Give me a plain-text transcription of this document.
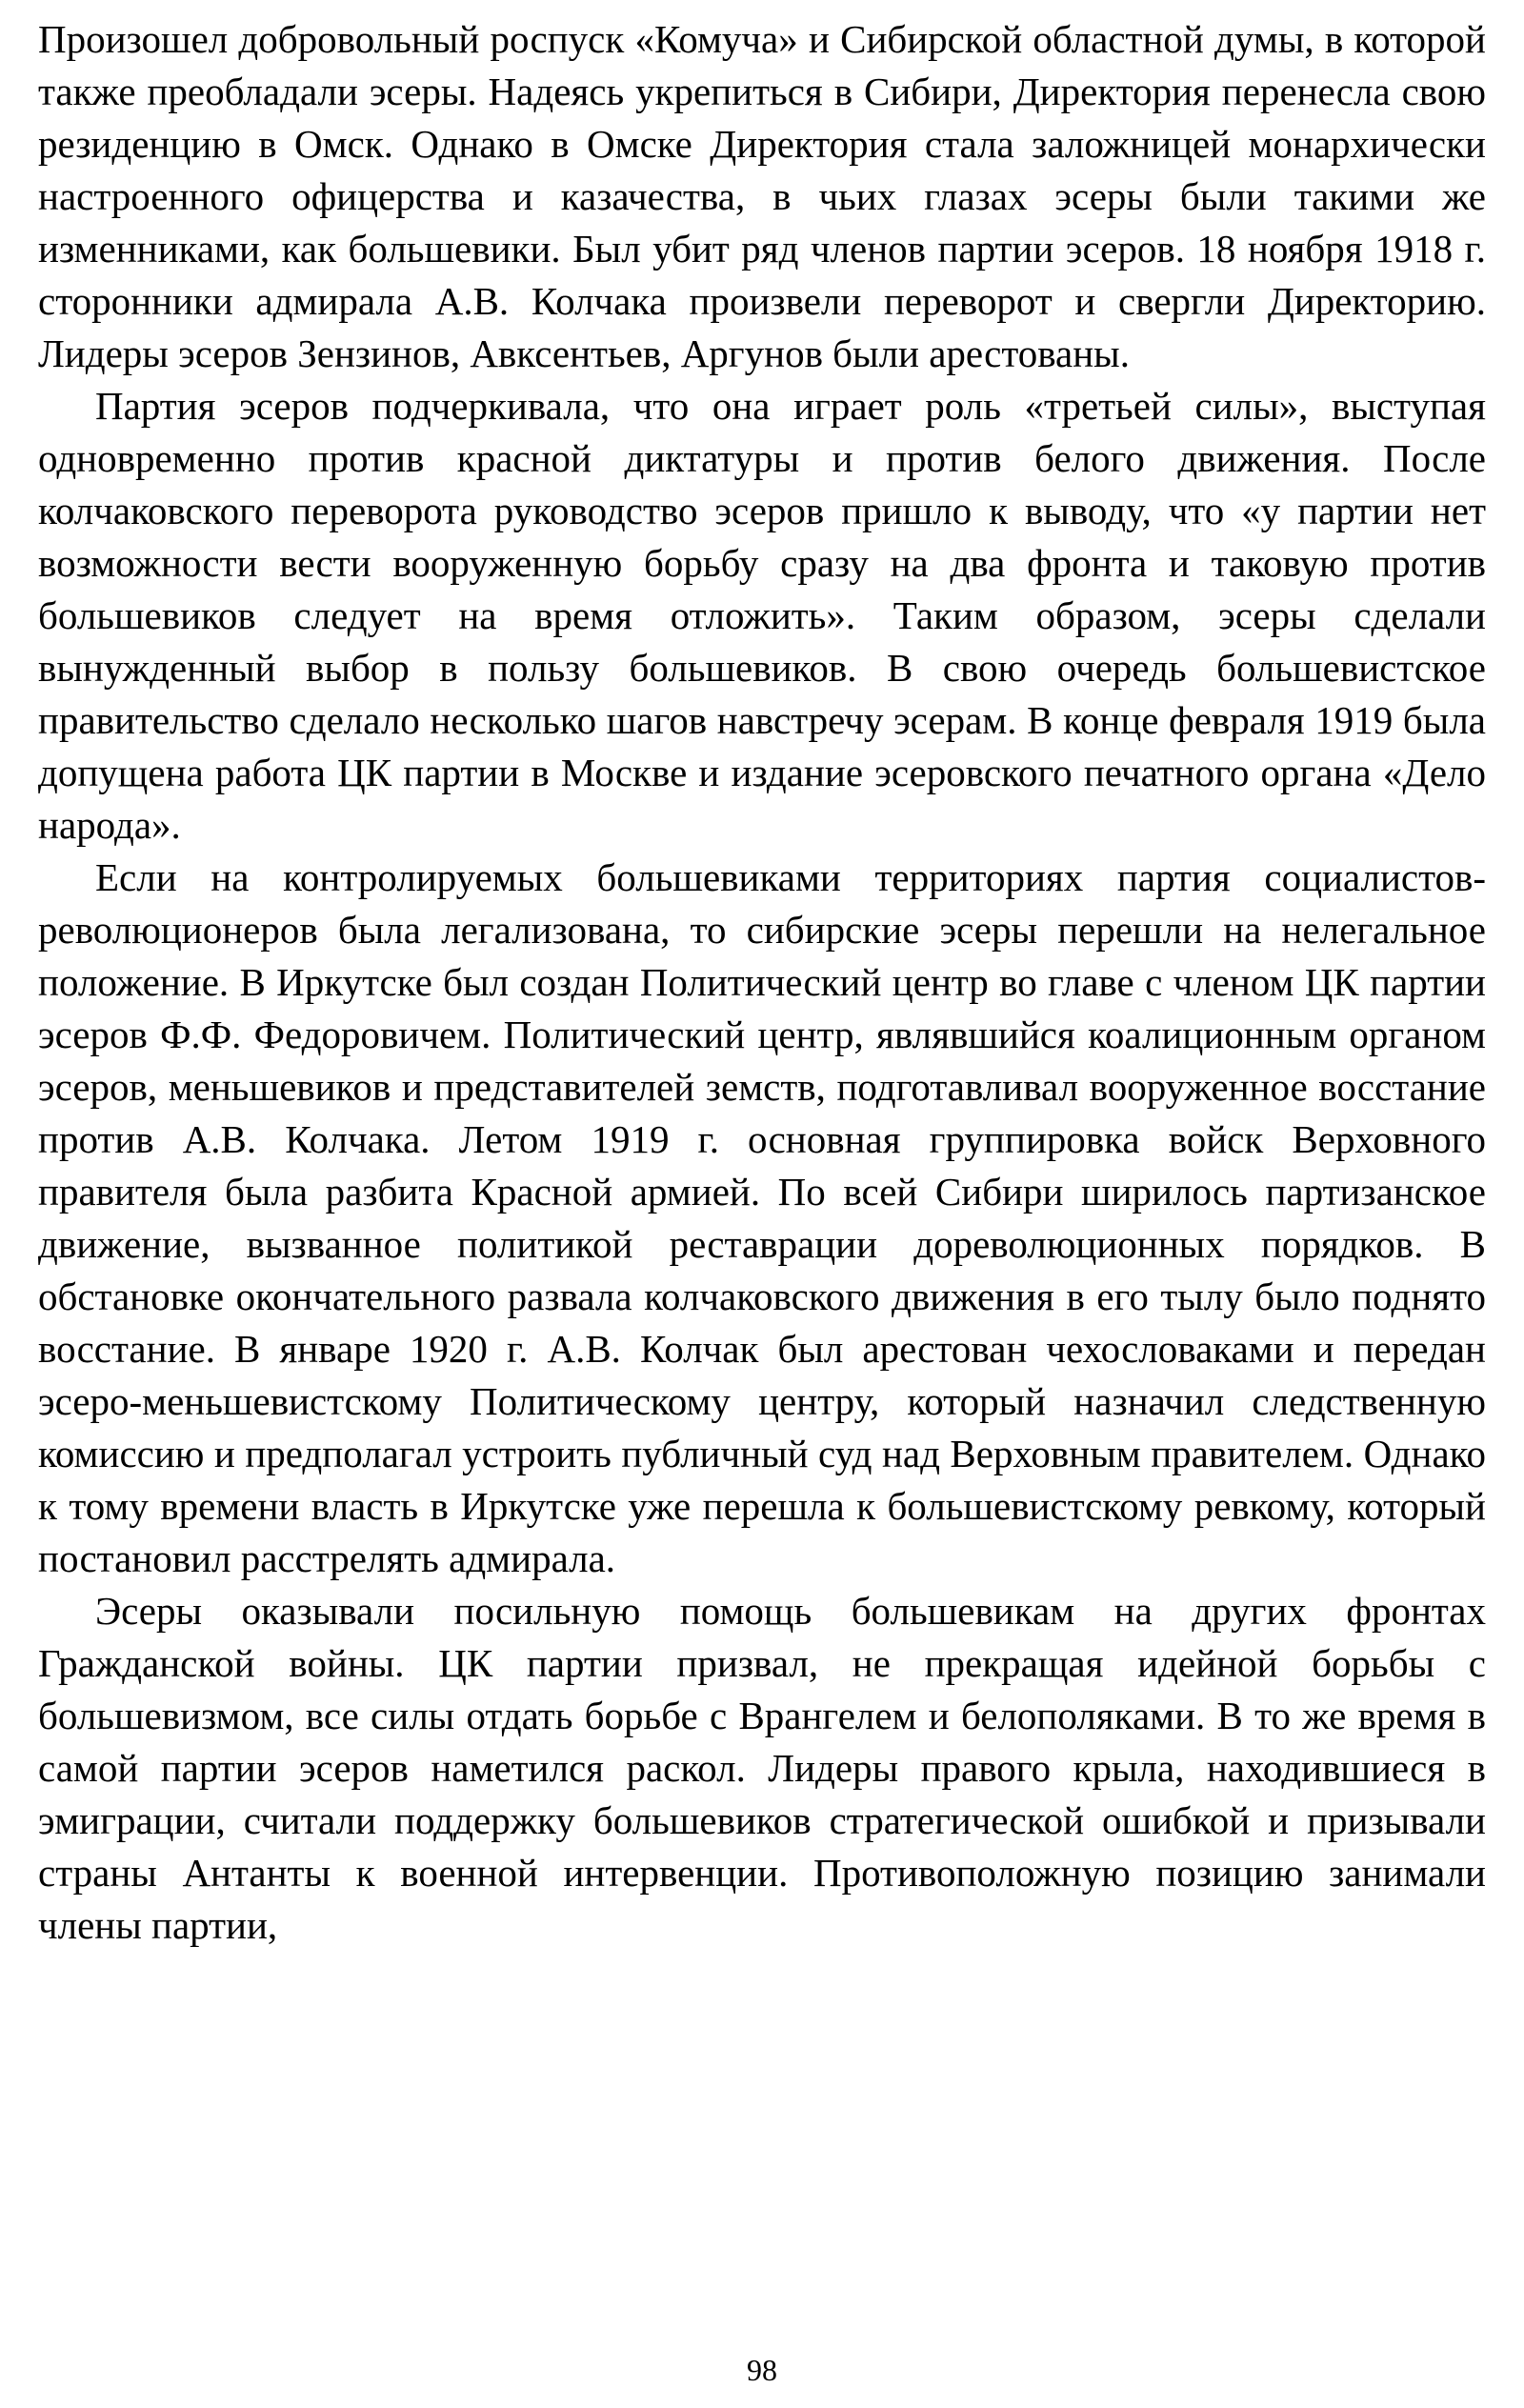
Произошел добровольный роспуск «Комуча» и Сибирской областной думы, в которой также преобладали эсеры. Надеясь укрепиться в Сибири, Директория перенесла свою резиденцию в Омск. Однако в Омске Директория стала заложницей монархически настроенного офицерства и казачества, в чьих глазах эсеры были такими же изменниками, как большевики. Был убит ряд членов партии эсеров. 18 ноября 1918 г. сторонники адмирала А.В. Колчака произвели переворот и свергли Директорию. Лидеры эсеров Зензинов, Авксентьев, Аргунов были арестованы.

Партия эсеров подчеркивала, что она играет роль «третьей силы», выступая одновременно против красной диктатуры и против белого движения. После колчаковского переворота руководство эсеров пришло к выводу, что «у партии нет возможности вести вооруженную борьбу сразу на два фронта и таковую против большевиков следует на время отложить». Таким образом, эсеры сделали вынужденный выбор в пользу большевиков. В свою очередь большевистское правительство сделало несколько шагов навстречу эсерам. В конце февраля 1919 была допущена работа ЦК партии в Москве и издание эсеровского печатного органа «Дело народа».

Если на контролируемых большевиками территориях партия социалистов-революционеров была легализована, то сибирские эсеры перешли на нелегальное положение. В Иркутске был создан Политический центр во главе с членом ЦК партии эсеров Ф.Ф. Федоровичем. Политический центр, являвшийся коалиционным органом эсеров, меньшевиков и представителей земств, подготавливал вооруженное восстание против А.В. Колчака. Летом 1919 г. основная группировка войск Верховного правителя была разбита Красной армией. По всей Сибири ширилось партизанское движение, вызванное политикой реставрации дореволюционных порядков. В обстановке окончательного развала колчаковского движения в его тылу было поднято восстание. В январе 1920 г. А.В. Колчак был арестован чехословаками и передан эсеро-меньшевистскому Политическому центру, который назначил следственную комиссию и предполагал устроить публичный суд над Верховным правителем. Однако к тому времени власть в Иркутске уже перешла к большевистскому ревкому, который постановил расстрелять адмирала.

Эсеры оказывали посильную помощь большевикам на других фронтах Гражданской войны. ЦК партии призвал, не прекращая идейной борьбы с большевизмом, все силы отдать борьбе с Врангелем и белополяками. В то же время в самой партии эсеров наметился раскол. Лидеры правого крыла, находившиеся в эмиграции, считали поддержку большевиков стратегической ошибкой и призывали страны Антанты к военной интервенции. Противоположную позицию занимали члены партии,

98
